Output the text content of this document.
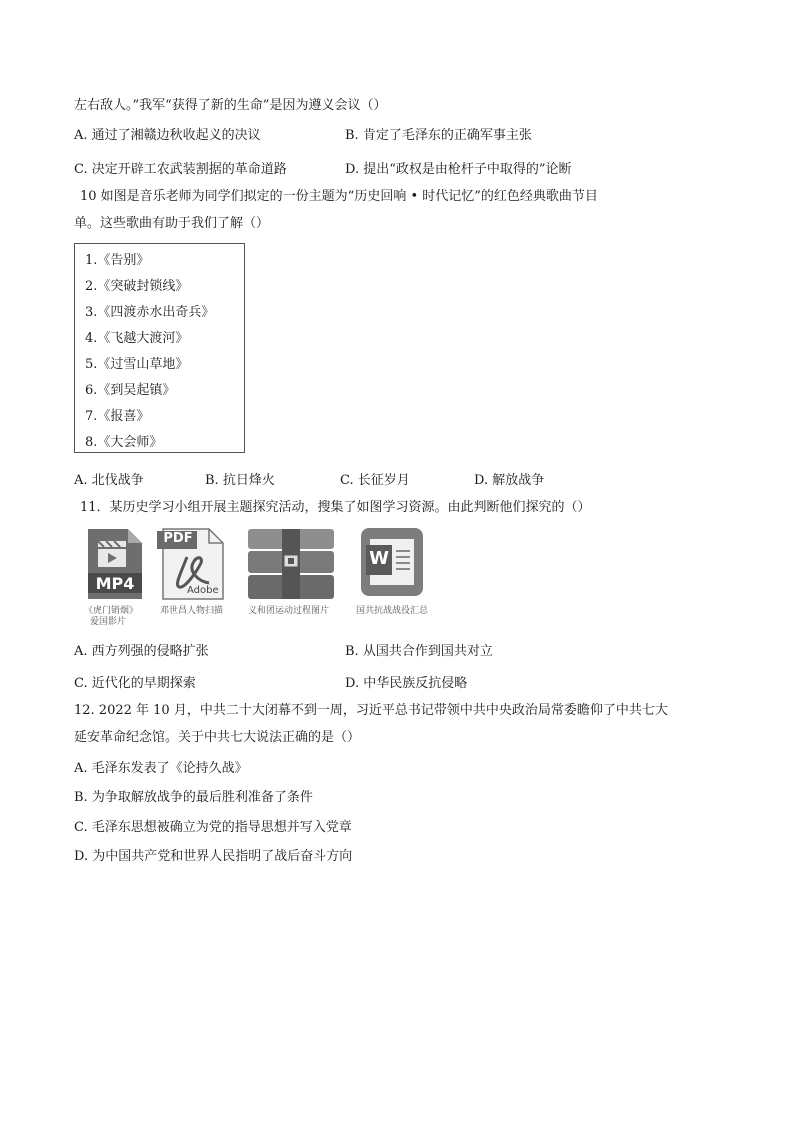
左右敌人。”我军“获得了新的生命”是因为遵义会议（）
A. 通过了湘赣边秋收起义的决议	B. 肯定了毛泽东的正确军事主张
C. 决定开辟工农武装割据的革命道路	D. 提出“政权是由枪杆子中取得的”论断
10 如图是音乐老师为同学们拟定的一份主题为“历史回响 • 时代记忆”的红色经典歌曲节目
单。这些歌曲有助于我们了解（）
1.《告别》
2.《突破封锁线》
3.《四渡赤水出奇兵》
4.《飞越大渡河》
5.《过雪山草地》
6.《到吴起镇》
7.《报喜》
8.《大会师》
A. 北伐战争	B. 抗日烽火	C. 长征岁月	D. 解放战争
11．某历史学习小组开展主题探究活动，搜集了如图学习资源。由此判断他们探究的（）
MP4
《虎门销烟》
爱国影片
PDF
Adobe
邓世昌人物扫描	义和团运动过程图片
W
国共抗战战役汇总
A. 西方列强的侵略扩张	B. 从国共合作到国共对立
C. 近代化的早期探索	D. 中华民族反抗侵略
12. 2022 年 10 月，中共二十大闭幕不到一周，习近平总书记带领中共中央政治局常委瞻仰了中共七大
延安革命纪念馆。关于中共七大说法正确的是（）
A. 毛泽东发表了《论持久战》
B. 为争取解放战争的最后胜利准备了条件
C. 毛泽东思想被确立为党的指导思想并写入党章
D. 为中国共产党和世界人民指明了战后奋斗方向
